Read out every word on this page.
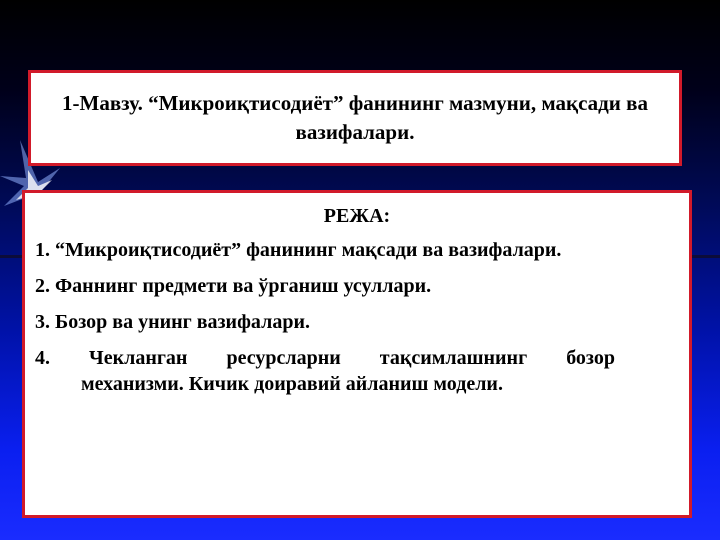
1-Мавзу. “Микроиқтисодиёт” фанининг мазмуни, мақсади ва вазифалари.
РЕЖА:
1. “Микроиқтисодиёт” фанининг мақсади ва вазифалари.
2. Фаннинг предмети ва ўрганиш усуллари.
3. Бозор ва унинг вазифалари.
4. Чекланган ресурсларни тақсимлашнинг бозор
механизми. Кичик доиравий айланиш модели.
